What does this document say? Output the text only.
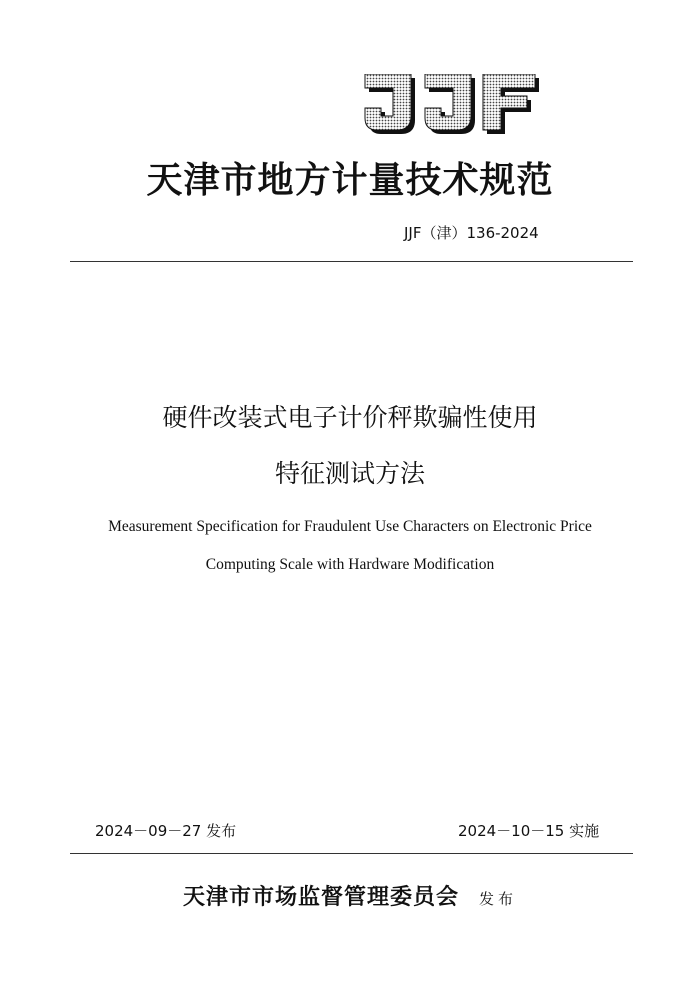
天津市地方计量技术规范
JJF（津）136-2024
硬件改装式电子计价秤欺骗性使用
特征测试方法
Measurement Specification for Fraudulent Use Characters on Electronic Price
Computing Scale with Hardware Modification
2024－09－27 发布	2024－10－15 实施
天津市市场监督管理委员会 发布
